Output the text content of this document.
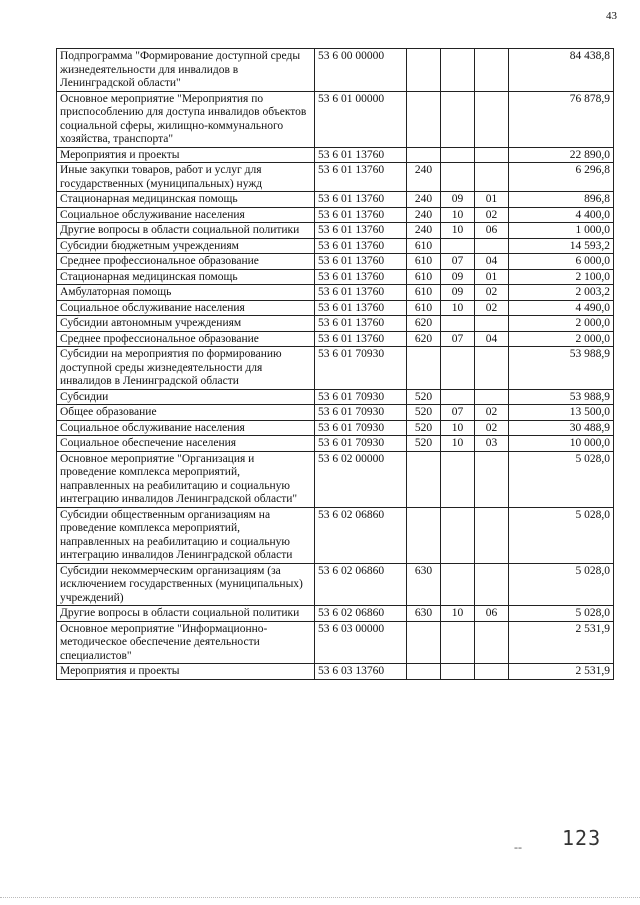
43
Подпрограмма "Формирование доступной среды жизнедеятельности для инвалидов в Ленинградской области"	53 6 00 00000				84 438,8
Основное мероприятие "Мероприятия по приспособлению для доступа инвалидов объектов социальной сферы, жилищно-коммунального хозяйства, транспорта"	53 6 01 00000				76 878,9
Мероприятия и проекты	53 6 01 13760				22 890,0
Иные закупки товаров, работ и услуг для государственных (муниципальных) нужд	53 6 01 13760	240			6 296,8
Стационарная медицинская помощь	53 6 01 13760	240	09	01	896,8
Социальное обслуживание населения	53 6 01 13760	240	10	02	4 400,0
Другие вопросы в области социальной политики	53 6 01 13760	240	10	06	1 000,0
Субсидии бюджетным учреждениям	53 6 01 13760	610			14 593,2
Среднее профессиональное образование	53 6 01 13760	610	07	04	6 000,0
Стационарная медицинская помощь	53 6 01 13760	610	09	01	2 100,0
Амбулаторная помощь	53 6 01 13760	610	09	02	2 003,2
Социальное обслуживание населения	53 6 01 13760	610	10	02	4 490,0
Субсидии автономным учреждениям	53 6 01 13760	620			2 000,0
Среднее профессиональное образование	53 6 01 13760	620	07	04	2 000,0
Субсидии на мероприятия по формированию доступной среды жизнедеятельности для инвалидов в Ленинградской области	53 6 01 70930				53 988,9
Субсидии	53 6 01 70930	520			53 988,9
Общее образование	53 6 01 70930	520	07	02	13 500,0
Социальное обслуживание населения	53 6 01 70930	520	10	02	30 488,9
Социальное обеспечение населения	53 6 01 70930	520	10	03	10 000,0
Основное мероприятие "Организация и проведение комплекса мероприятий, направленных на реабилитацию и социальную интеграцию инвалидов Ленинградской области"	53 6 02 00000				5 028,0
Субсидии общественным организациям на проведение комплекса мероприятий, направленных на реабилитацию и социальную интеграцию инвалидов Ленинградской области	53 6 02 06860				5 028,0
Субсидии некоммерческим организациям (за исключением государственных (муниципальных) учреждений)	53 6 02 06860	630			5 028,0
Другие вопросы в области социальной политики	53 6 02 06860	630	10	06	5 028,0
Основное мероприятие "Информационно-методическое обеспечение деятельности специалистов"	53 6 03 00000				2 531,9
Мероприятия и проекты	53 6 03 13760				2 531,9
-- 123
